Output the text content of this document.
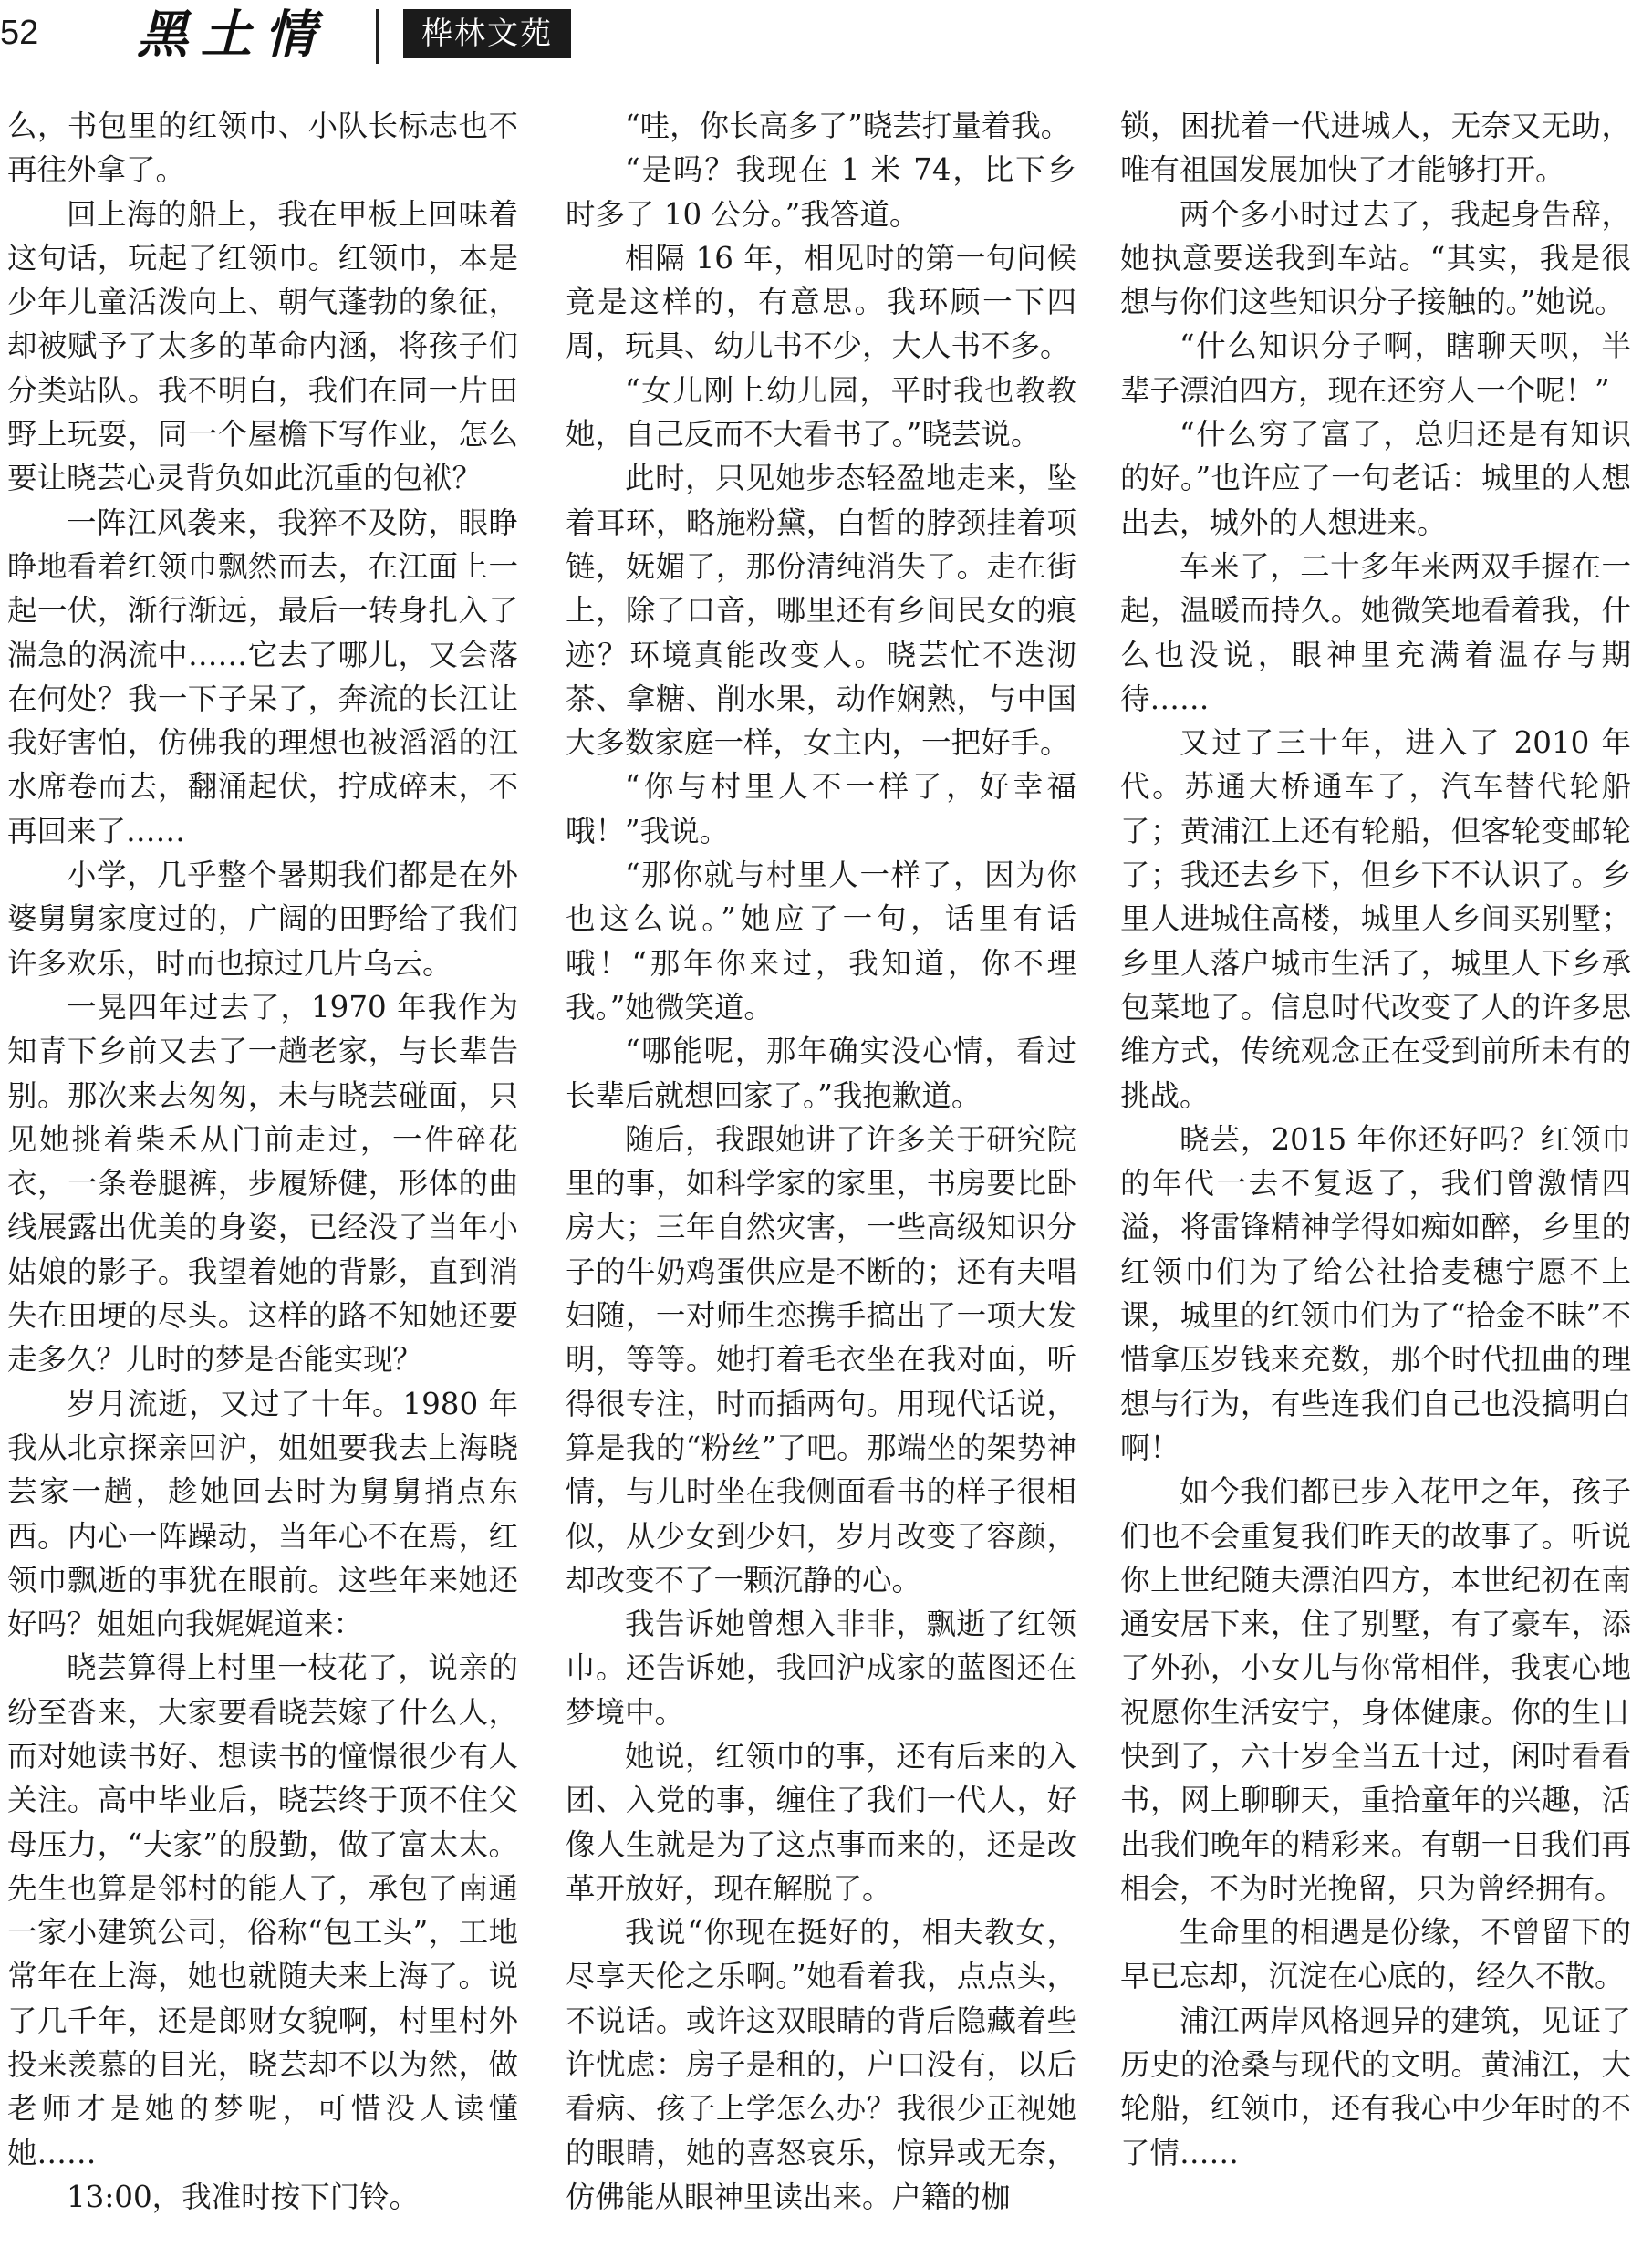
52 黑土情	桦林文苑

么，书包里的红领巾、小队长标志也不再往外拿了。

回上海的船上，我在甲板上回味着这句话，玩起了红领巾。红领巾，本是少年儿童活泼向上、朝气蓬勃的象征，却被赋予了太多的革命内涵，将孩子们分类站队。我不明白，我们在同一片田野上玩耍，同一个屋檐下写作业，怎么要让晓芸心灵背负如此沉重的包袱？

一阵江风袭来，我猝不及防，眼睁睁地看着红领巾飘然而去，在江面上一起一伏，渐行渐远，最后一转身扎入了湍急的涡流中……它去了哪儿，又会落在何处？我一下子呆了，奔流的长江让我好害怕，仿佛我的理想也被滔滔的江水席卷而去，翻涌起伏，拧成碎末，不再回来了……

小学，几乎整个暑期我们都是在外婆舅舅家度过的，广阔的田野给了我们许多欢乐，时而也掠过几片乌云。

一晃四年过去了，1970 年我作为知青下乡前又去了一趟老家，与长辈告别。那次来去匆匆，未与晓芸碰面，只见她挑着柴禾从门前走过，一件碎花衣，一条卷腿裤，步履矫健，形体的曲线展露出优美的身姿，已经没了当年小姑娘的影子。我望着她的背影，直到消失在田埂的尽头。这样的路不知她还要走多久？儿时的梦是否能实现？

岁月流逝，又过了十年。1980 年我从北京探亲回沪，姐姐要我去上海晓芸家一趟，趁她回去时为舅舅捎点东西。内心一阵躁动，当年心不在焉，红领巾飘逝的事犹在眼前。这些年来她还好吗？姐姐向我娓娓道来：

晓芸算得上村里一枝花了，说亲的纷至沓来，大家要看晓芸嫁了什么人，而对她读书好、想读书的憧憬很少有人关注。高中毕业后，晓芸终于顶不住父母压力，“夫家”的殷勤，做了富太太。先生也算是邻村的能人了，承包了南通一家小建筑公司，俗称“包工头”，工地常年在上海，她也就随夫来上海了。说了几千年，还是郎财女貌啊，村里村外投来羡慕的目光，晓芸却不以为然，做老师才是她的梦呢，可惜没人读懂她……

13:00，我准时按下门铃。

“哇，你长高多了”晓芸打量着我。

“是吗？我现在 1 米 74，比下乡时多了 10 公分。”我答道。

相隔 16 年，相见时的第一句问候竟是这样的，有意思。我环顾一下四周，玩具、幼儿书不少，大人书不多。

“女儿刚上幼儿园，平时我也教教她，自己反而不大看书了。”晓芸说。

此时，只见她步态轻盈地走来，坠着耳环，略施粉黛，白皙的脖颈挂着项链，妩媚了，那份清纯消失了。走在街上，除了口音，哪里还有乡间民女的痕迹？环境真能改变人。晓芸忙不迭沏茶、拿糖、削水果，动作娴熟，与中国大多数家庭一样，女主内，一把好手。

“你与村里人不一样了，好幸福哦！”我说。

“那你就与村里人一样了，因为你也这么说。”她应了一句，话里有话哦！“那年你来过，我知道，你不理我。”她微笑道。

“哪能呢，那年确实没心情，看过长辈后就想回家了。”我抱歉道。

随后，我跟她讲了许多关于研究院里的事，如科学家的家里，书房要比卧房大；三年自然灾害，一些高级知识分子的牛奶鸡蛋供应是不断的；还有夫唱妇随，一对师生恋携手搞出了一项大发明，等等。她打着毛衣坐在我对面，听得很专注，时而插两句。用现代话说，算是我的“粉丝”了吧。那端坐的架势神情，与儿时坐在我侧面看书的样子很相似，从少女到少妇，岁月改变了容颜，却改变不了一颗沉静的心。

我告诉她曾想入非非，飘逝了红领巾。还告诉她，我回沪成家的蓝图还在梦境中。

她说，红领巾的事，还有后来的入团、入党的事，缠住了我们一代人，好像人生就是为了这点事而来的，还是改革开放好，现在解脱了。

我说“你现在挺好的，相夫教女，尽享天伦之乐啊。”她看着我，点点头，不说话。或许这双眼睛的背后隐藏着些许忧虑：房子是租的，户口没有，以后看病、孩子上学怎么办？我很少正视她的眼睛，她的喜怒哀乐，惊异或无奈，仿佛能从眼神里读出来。户籍的枷

锁，困扰着一代进城人，无奈又无助，唯有祖国发展加快了才能够打开。

两个多小时过去了，我起身告辞，她执意要送我到车站。“其实，我是很想与你们这些知识分子接触的。”她说。

“什么知识分子啊，瞎聊天呗，半辈子漂泊四方，现在还穷人一个呢！”

“什么穷了富了，总归还是有知识的好。”也许应了一句老话：城里的人想出去，城外的人想进来。

车来了，二十多年来两双手握在一起，温暖而持久。她微笑地看着我，什么也没说，眼神里充满着温存与期待……

又过了三十年，进入了 2010 年代。苏通大桥通车了，汽车替代轮船了；黄浦江上还有轮船，但客轮变邮轮了；我还去乡下，但乡下不认识了。乡里人进城住高楼，城里人乡间买别墅；乡里人落户城市生活了，城里人下乡承包菜地了。信息时代改变了人的许多思维方式，传统观念正在受到前所未有的挑战。

晓芸，2015 年你还好吗？红领巾的年代一去不复返了，我们曾激情四溢，将雷锋精神学得如痴如醉，乡里的红领巾们为了给公社拾麦穗宁愿不上课，城里的红领巾们为了“拾金不昧”不惜拿压岁钱来充数，那个时代扭曲的理想与行为，有些连我们自己也没搞明白啊！

如今我们都已步入花甲之年，孩子们也不会重复我们昨天的故事了。听说你上世纪随夫漂泊四方，本世纪初在南通安居下来，住了别墅，有了豪车，添了外孙，小女儿与你常相伴，我衷心地祝愿你生活安宁，身体健康。你的生日快到了，六十岁全当五十过，闲时看看书，网上聊聊天，重拾童年的兴趣，活出我们晚年的精彩来。有朝一日我们再相会，不为时光挽留，只为曾经拥有。

生命里的相遇是份缘，不曾留下的早已忘却，沉淀在心底的，经久不散。

浦江两岸风格迥异的建筑，见证了历史的沧桑与现代的文明。黄浦江，大轮船，红领巾，还有我心中少年时的不了情……
